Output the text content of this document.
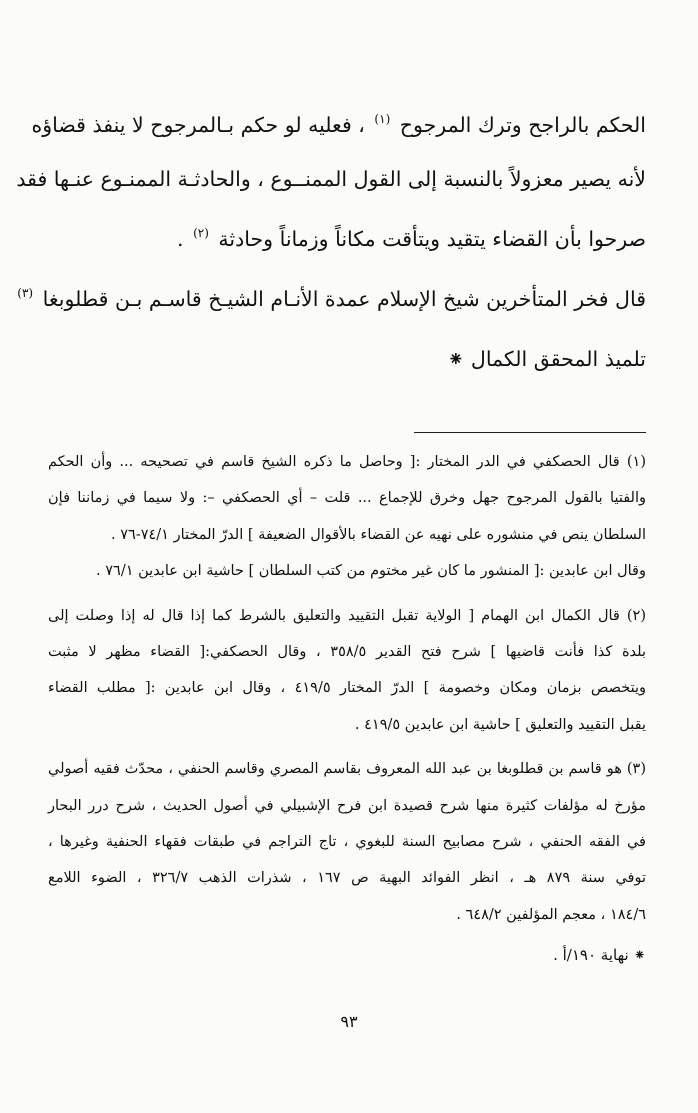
الحكم بالراجح وترك المرجوح $^{(١)}$ ، فعليه لو حكم بـالمرجوح لا ينفذ قضاؤه

لأنه يصير معزولاً بالنسبة إلى القول الممنــوع ، والحادثـة الممنـوع عنـها فقد

صرحوا بأن القضاء يتقيد ويتأقت مكاناً وزماناً وحادثة $^{(٢)}$ .

قال فخر المتأخرين شيخ الإسلام عمدة الأنـام الشيـخ قاسـم بـن قطلوبغا $^{(٣)}$

تلميذ المحقق الكمال ⁕

(١) قال الحصكفي في الدر المختار :[ وحاصل ما ذكره الشيخ قاسم في تصحيحه ... وأن الحكم

والفتيا بالقول المرجوح جهل وخرق للإجماع ... قلت – أي الحصكفي –: ولا سيما في زماننا فإن

السلطان ينص في منشوره على نهيه عن القضاء بالأقوال الضعيفة ] الدرّ المختار ٧٤/١-٧٦ .

وقال ابن عابدين :[ المنشور ما كان غير مختوم من كتب السلطان ] حاشية ابن عابدين ٧٦/١ .

(٢) قال الكمال ابن الهمام [ الولاية تقبل التقييد والتعليق بالشرط كما إذا قال له إذا وصلت إلى

بلدة كذا فأنت قاضيها ] شرح فتح القدير ٣٥٨/٥ ، وقال الحصكفي:[ القضاء مظهر لا مثبت

ويتخصص بزمان ومكان وخصومة ] الدرّ المختار ٤١٩/٥ ، وقال ابن عابدين :[ مطلب القضاء

يقبل التقييد والتعليق ] حاشية ابن عابدين ٤١٩/٥ .

(٣) هو قاسم بن قطلوبغا بن عبد الله المعروف بقاسم المصري وقاسم الحنفي ، محدّث فقيه أصولي

مؤرخ له مؤلفات كثيرة منها شرح قصيدة ابن فرح الإشبيلي في أصول الحديث ، شرح درر البحار

في الفقه الحنفي ، شرح مصابيح السنة للبغوي ، تاج التراجم في طبقات فقهاء الحنفية وغيرها ،

توفي سنة ٨٧٩ هـ ، انظر الفوائد البهية ص ١٦٧ ، شذرات الذهب ٣٢٦/٧ ، الضوء اللامع

١٨٤/٦ ، معجم المؤلفين ٦٤٨/٢ .

⁕ نهاية ١٩٠/أ .
٩٣
